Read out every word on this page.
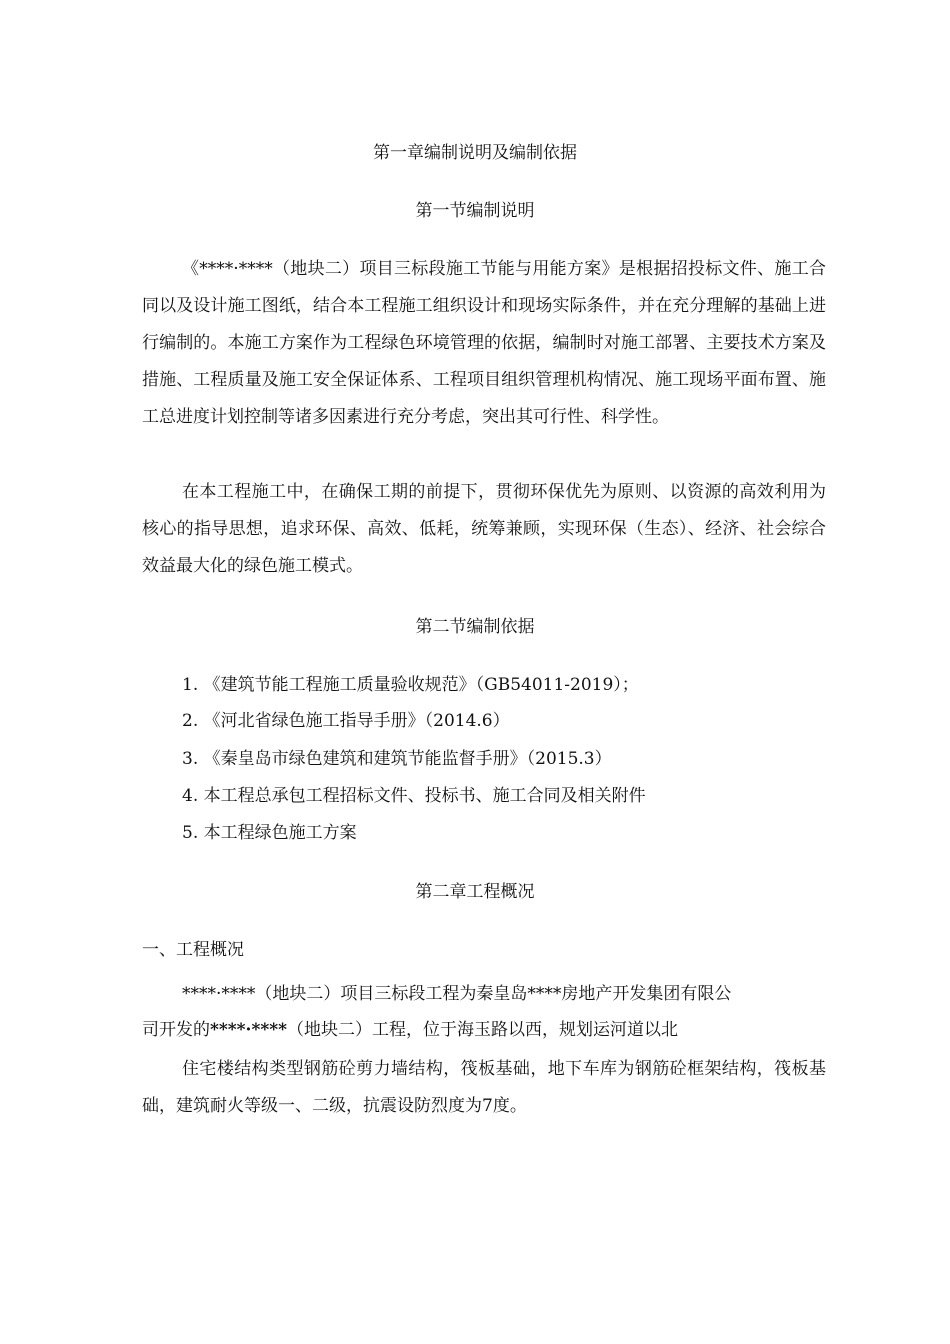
第一章编制说明及编制依据
第一节编制说明

《****·****（地块二）项目三标段施工节能与用能方案》是根据招投标文件、施工合同以及设计施工图纸，结合本工程施工组织设计和现场实际条件，并在充分理解的基础上进行编制的。本施工方案作为工程绿色环境管理的依据，编制时对施工部署、主要技术方案及措施、工程质量及施工安全保证体系、工程项目组织管理机构情况、施工现场平面布置、施工总进度计划控制等诸多因素进行充分考虑，突出其可行性、科学性。

在本工程施工中，在确保工期的前提下，贯彻环保优先为原则、以资源的高效利用为核心的指导思想，追求环保、高效、低耗，统筹兼顾，实现环保（生态）、经济、社会综合效益最大化的绿色施工模式。

第二节编制依据

1. 《建筑节能工程施工质量验收规范》（GB54011-2019）；

2. 《河北省绿色施工指导手册》（2014.6）

3. 《秦皇岛市绿色建筑和建筑节能监督手册》（2015.3）

4. 本工程总承包工程招标文件、投标书、施工合同及相关附件

5. 本工程绿色施工方案

第二章工程概况

一、工程概况

****·****（地块二）项目三标段工程为秦皇岛****房地产开发集团有限公

司开发的****·****（地块二）工程，位于海玉路以西，规划运河道以北

住宅楼结构类型钢筋砼剪力墙结构，筏板基础，地下车库为钢筋砼框架结构，筏板基础，建筑耐火等级一、二级，抗震设防烈度为7度。
